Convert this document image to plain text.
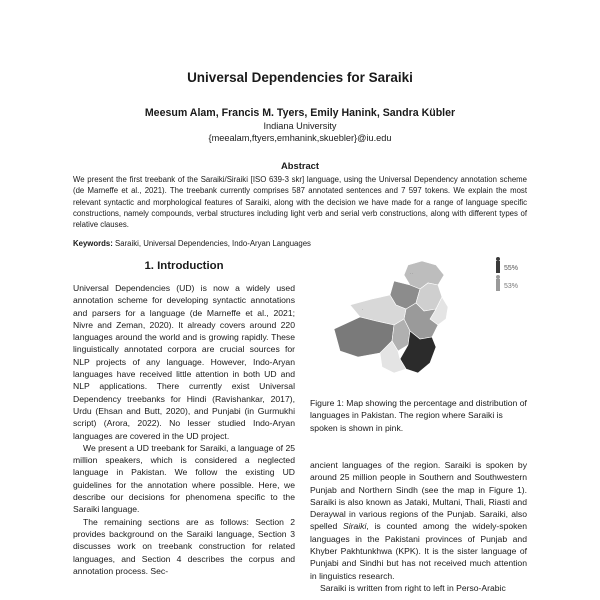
Universal Dependencies for Saraiki
Meesum Alam, Francis M. Tyers, Emily Hanink, Sandra Kübler
Indiana University
{meealam,ftyers,emhanink,skuebler}@iu.edu
Abstract
We present the first treebank of the Saraiki/Siraiki [ISO 639-3 skr] language, using the Universal Dependency annotation scheme (de Marneffe et al., 2021). The treebank currently comprises 587 annotated sentences and 7 597 tokens. We explain the most relevant syntactic and morphological features of Saraiki, along with the decision we have made for a range of language specific constructions, namely compounds, verbal structures including light verb and serial verb constructions, along with different types of relative clauses.
Keywords: Saraiki, Universal Dependencies, Indo-Aryan Languages
1. Introduction

Universal Dependencies (UD) is now a widely used annotation scheme for developing syntactic annotations and parsers for a language (de Marneffe et al., 2021; Nivre and Zeman, 2020). It already covers around 220 languages around the world and is growing rapidly. These linguistically annotated corpora are crucial sources for NLP projects of any language. However, Indo-Aryan languages have received little attention in both UD and NLP applications. There currently exist Universal Dependency treebanks for Hindi (Ravishankar, 2017), Urdu (Ehsan and Butt, 2020), and Punjabi (in Gurmukhi script) (Arora, 2022). No lesser studied Indo-Aryan languages are covered in the UD project.

We present a UD treebank for Saraiki, a language of 25 million speakers, which is considered a neglected language in Pakistan. We follow the existing UD guidelines for the annotation where possible. Here, we describe our decisions for phenomena specific to the Saraiki language.

The remaining sections are as follows: Section 2 provides background on the Saraiki language, Section 3 discusses work on treebank construction for related languages, and Section 4 describes the corpus and annotation process. Sec-

· ·
·
55%
53%
Figure 1: Map showing the percentage and distribution of languages in Pakistan. The region where Saraiki is spoken is shown in pink.

ancient languages of the region. Saraiki is spoken by around 25 million people in Southern and Southwestern Punjab and Northern Sindh (see the map in Figure 1). Saraiki is also known as Jataki, Multani, Thali, Riasti and Deraywal in various regions of the Punjab. Saraiki, also spelled Siraiki, is counted among the widely-spoken languages in the Pakistani provinces of Punjab and Khyber Pakhtunkhwa (KPK). It is the sister language of Punjabi and Sindhi but has not received much attention in linguistics research.

Saraiki is written from right to left in Perso-Arabic
